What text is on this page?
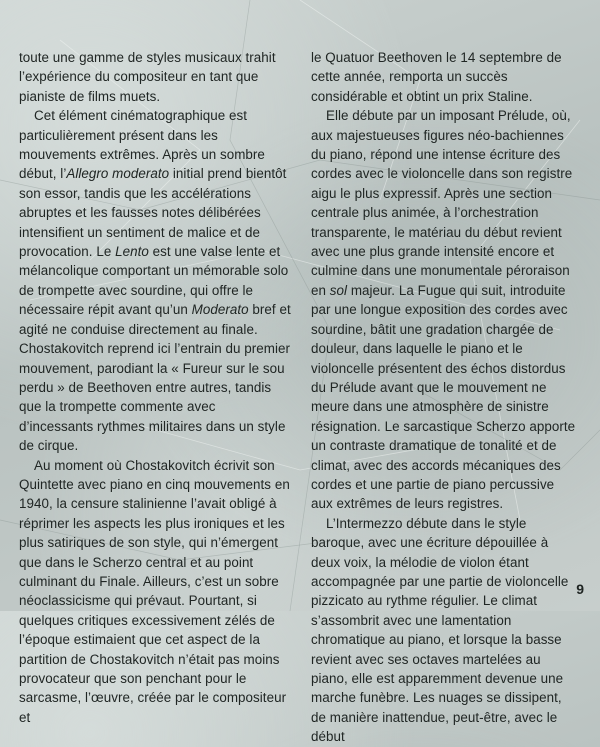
toute une gamme de styles musicaux trahit l’expérience du compositeur en tant que pianiste de films muets.

Cet élément cinématographique est particulièrement présent dans les mouvements extrêmes. Après un sombre début, l’Allegro moderato initial prend bientôt son essor, tandis que les accélérations abruptes et les fausses notes délibérées intensifient un sentiment de malice et de provocation. Le Lento est une valse lente et mélancolique comportant un mémorable solo de trompette avec sourdine, qui offre le nécessaire répit avant qu’un Moderato bref et agité ne conduise directement au finale. Chostakovitch reprend ici l’entrain du premier mouvement, parodiant la « Fureur sur le sou perdu » de Beethoven entre autres, tandis que la trompette commente avec d’incessants rythmes militaires dans un style de cirque.

Au moment où Chostakovitch écrivit son Quintette avec piano en cinq mouvements en 1940, la censure stalinienne l’avait obligé à réprimer les aspects les plus ironiques et les plus satiriques de son style, qui n’émergent que dans le Scherzo central et au point culminant du Finale. Ailleurs, c’est un sobre néoclassicisme qui prévaut. Pourtant, si quelques critiques excessivement zélés de l’époque estimaient que cet aspect de la partition de Chostakovitch n’était pas moins provocateur que son penchant pour le sarcasme, l’œuvre, créée par le compositeur et

le Quatuor Beethoven le 14 septembre de cette année, remporta un succès considérable et obtint un prix Staline.

Elle débute par un imposant Prélude, où, aux majestueuses figures néo-bachiennes du piano, répond une intense écriture des cordes avec le violoncelle dans son registre aigu le plus expressif. Après une section centrale plus animée, à l’orchestration transparente, le matériau du début revient avec une plus grande intensité encore et culmine dans une monumentale péroraison en sol majeur. La Fugue qui suit, introduite par une longue exposition des cordes avec sourdine, bâtit une gradation chargée de douleur, dans laquelle le piano et le violoncelle présentent des échos distordus du Prélude avant que le mouvement ne meure dans une atmosphère de sinistre résignation. Le sarcastique Scherzo apporte un contraste dramatique de tonalité et de climat, avec des accords mécaniques des cordes et une partie de piano percussive aux extrêmes de leurs registres.

L’Intermezzo débute dans le style baroque, avec une écriture dépouillée à deux voix, la mélodie de violon étant accompagnée par une partie de violoncelle pizzicato au rythme régulier. Le climat s’assombrit avec une lamentation chromatique au piano, et lorsque la basse revient avec ses octaves martelées au piano, elle est apparemment devenue une marche funèbre. Les nuages se dissipent, de manière inattendue, peut-être, avec le début

9
